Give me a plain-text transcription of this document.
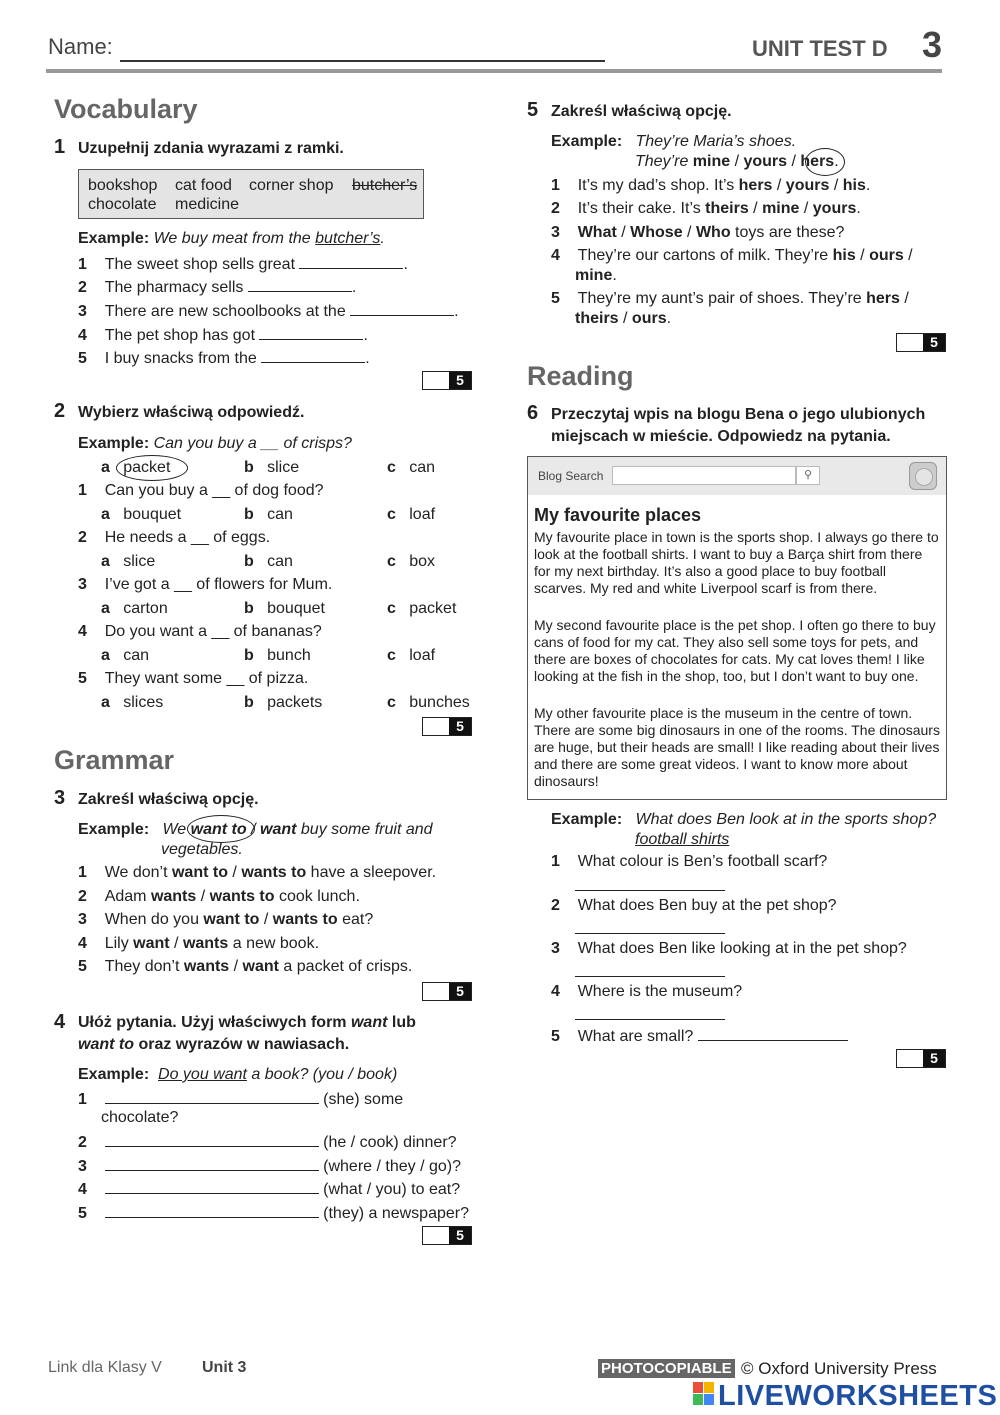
Name:	UNIT TEST D 3
Vocabulary
1 Uzupełnij zdania wyrazami z ramki.
bookshop cat food corner shop butcher’s
chocolate medicine
Example: We buy meat from the butcher’s.
1 The sweet shop sells great	.
2 The pharmacy sells	.
3 There are new schoolbooks at the	.
4 The pet shop has got	.
5 I buy snacks from the	.
5
2 Wybierz właściwą odpowiedź.
Example: Can you buy a __ of crisps?
a packet	b slice	c can
1 Can you buy a __ of dog food?
a bouquet	b can	c loaf
2 He needs a __ of eggs.
a slice	b can	c box
3 I’ve got a __ of flowers for Mum.
a carton	b bouquet	c packet
4 Do you want a __ of bananas?
a can	b bunch	c loaf
5 They want some __ of pizza.
a slices	b packets	c bunches
5
Grammar
3 Zakreśl właściwą opcję.
Example: We want to / want buy some fruit and
vegetables.
1 We don’t want to / wants to have a sleepover.
2 Adam wants / wants to cook lunch.
3 When do you want to / wants to eat?
4 Lily want / wants a new book.
5 They don’t wants / want a packet of crisps.
5
4 Ułóż pytania. Użyj właściwych form want lub
want to oraz wyrazów w nawiasach.
Example: Do you want a book? (you / book)
1	(she) some
chocolate?
2	(he / cook) dinner?
3	(where / they / go)?
4	(what / you) to eat?
5	(they) a newspaper?
5
5 Zakreśl właściwą opcję.
Example: They’re Maria’s shoes.
They’re mine / yours / hers.
1 It’s my dad’s shop. It’s hers / yours / his.
2 It’s their cake. It’s theirs / mine / yours.
3 What / Whose / Who toys are these?
4 They’re our cartons of milk. They’re his / ours /
mine.
5 They’re my aunt’s pair of shoes. They’re hers /
theirs / ours.
5
Reading
6 Przeczytaj wpis na blogu Bena o jego ulubionych
miejscach w mieście. Odpowiedz na pytania.
Blog Search	⚲
My favourite places
My favourite place in town is the sports shop. I always go there to look at the football shirts. I want to buy a Barça shirt from there for my next birthday. It’s also a good place to buy football scarves. My red and white Liverpool scarf is from there.
My second favourite place is the pet shop. I often go there to buy cans of food for my cat. They also sell some toys for pets, and there are boxes of chocolates for cats. My cat loves them! I like looking at the fish in the shop, too, but I don’t want to buy one.
My other favourite place is the museum in the centre of town. There are some big dinosaurs in one of the rooms. The dinosaurs are huge, but their heads are small! I like reading about their lives and there are some great videos. I want to know more about dinosaurs!
Example: What does Ben look at in the sports shop?
football shirts
1 What colour is Ben’s football scarf?
2 What does Ben buy at the pet shop?
3 What does Ben like looking at in the pet shop?
4 Where is the museum?
5 What are small?
5
Link dla Klasy V	Unit 3	PHOTOCOPIABLE © Oxford University Press
LIVEWORKSHEETS
